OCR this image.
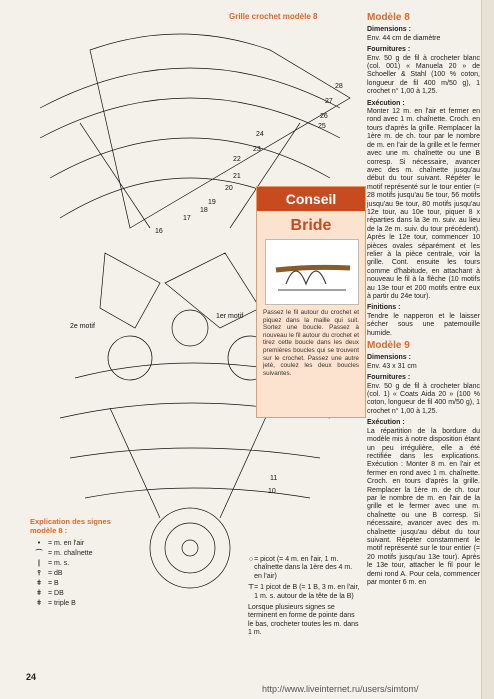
Grille crochet modèle 8
28
27
26
25
24
23
22
21
20
19
18
17
16
2e motif
1er motif
10
11
Conseil
Bride
Passez le fil autour du crochet et piquez dans la maille qui suit. Sortez une boucle. Passez à nouveau le fil autour du crochet et tirez cette boucle dans les deux premières boucles qui se trouvent sur le crochet. Passez une autre jeté, coulez les deux boucles suivantes.
Modèle 8

Dimensions :

Env. 44 cm de diamètre

Fournitures :

Env. 50 g de fil à crocheter blanc (col. 001) « Manuela 20 » de Schoeller & Stahl (100 % coton, longueur de fil 400 m/50 g), 1 crochet n° 1,00 à 1,25.

Exécution :

Monter 12 m. en l'air et fermer en rond avec 1 m. chaînette. Croch. en tours d'après la grille. Remplacer la 1ère m. de ch. tour par le nombre de m. en l'air de la grille et le fermer avec une m. chaînette ou une B corresp. Si nécessaire, avancer avec des m. chaînette jusqu'au début du tour suivant. Répéter le motif représenté sur le tour entier (= 28 motifs jusqu'au 5e tour, 56 motifs jusqu'au 9e tour, 80 motifs jusqu'au 12e tour, au 10e tour, piquer 8 x réparties dans la 3e m. suiv. au lieu de la 2e m. suiv. du tour précédent). Après le 12e tour, commencer 10 pièces ovales séparément et les relier à la pièce centrale, voir la grille. Cont. ensuite les tours comme d'habitude, en attachant à nouveau le fil à la flèche (10 motifs au 13e tour et 200 motifs entre eux à partir du 24e tour).

Finitions :

Tendre le napperon et le laisser sécher sous une patemouille humide.

Modèle 9

Dimensions :

Env. 43 x 31 cm

Fournitures :

Env. 50 g de fil à crocheter blanc (col. 1) « Coats Aida 20 » (100 % coton, longueur de fil 400 m/50 g), 1 crochet n° 1,00 à 1,25.

Exécution :

La répartition de la bordure du modèle mis à notre disposition étant un peu irrégulière, elle a été rectifiée dans les explications. Exécution : Monter 8 m. en l'air et fermer en rond avec 1 m. chaînette. Croch. en tours d'après la grille. Remplacer la 1ère m. de ch. tour par le nombre de m. en l'air de la grille et le fermer avec une m. chaînette ou une B corresp. Si nécessaire, avancer avec des m. chaînette jusqu'au début du tour suivant. Répéter constamment le motif représenté sur le tour entier (= 20 motifs jusqu'au 13e tour). Après le 13e tour, attacher le fil pour le demi rond A. Pour cela, commencer par monter 6 m. en

Explication des signes modèle 8 :
•	= m. en l'air
⌒ = m. chaînette
|	= m. s.
⫯	= dB
ǂ = B
ǂ = DB
ǂ = triple B
○ = picot (= 4 m. en l'air, 1 m. chaînette dans la 1ère des 4 m. en l'air)
⊤ = 1 picot de B (= 1 B, 3 m. en l'air, 1 m. s. autour de la tête de la B)
Lorsque plusieurs signes se terminent en forme de pointe dans le bas, crocheter toutes les m. dans 1 m.
24
http://www.liveinternet.ru/users/simtom/
